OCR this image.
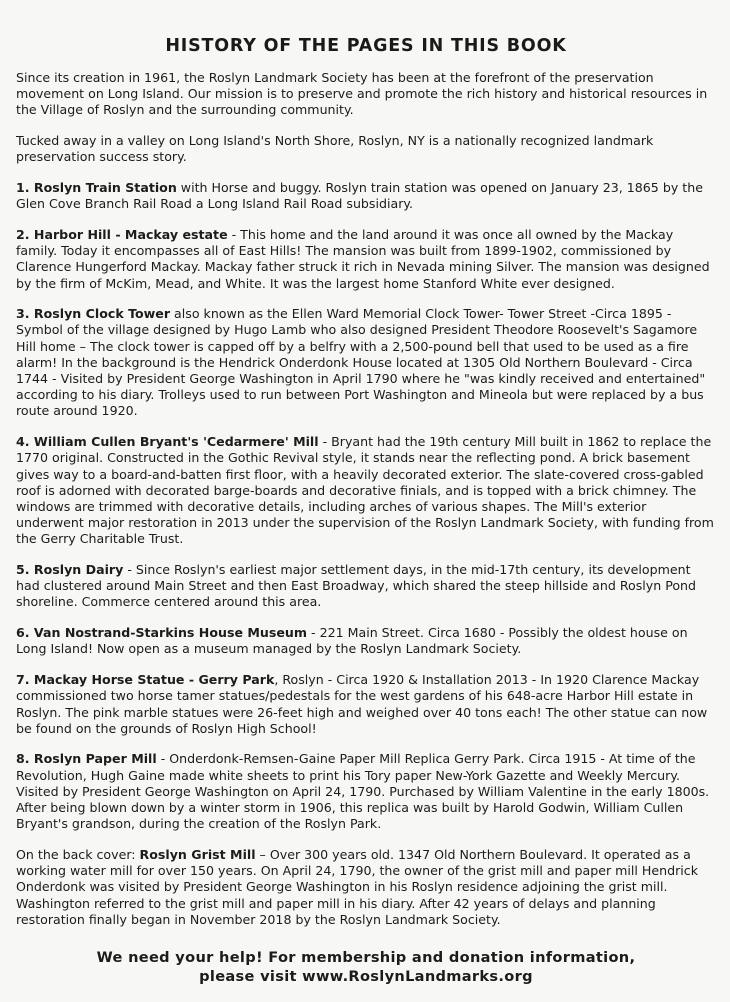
HISTORY OF THE PAGES IN THIS BOOK

Since its creation in 1961, the Roslyn Landmark Society has been at the forefront of the preservation movement on Long Island. Our mission is to preserve and promote the rich history and historical resources in the Village of Roslyn and the surrounding community.

Tucked away in a valley on Long Island's North Shore, Roslyn, NY is a nationally recognized landmark preservation success story.

1. Roslyn Train Station with Horse and buggy. Roslyn train station was opened on January 23, 1865 by the Glen Cove Branch Rail Road a Long Island Rail Road subsidiary.

2. Harbor Hill - Mackay estate - This home and the land around it was once all owned by the Mackay family. Today it encompasses all of East Hills! The mansion was built from 1899-1902, commissioned by Clarence Hungerford Mackay. Mackay father struck it rich in Nevada mining Silver. The mansion was designed by the firm of McKim, Mead, and White. It was the largest home Stanford White ever designed.

3. Roslyn Clock Tower also known as the Ellen Ward Memorial Clock Tower- Tower Street -Circa 1895 - Symbol of the village designed by Hugo Lamb who also designed President Theodore Roosevelt's Sagamore Hill home – The clock tower is capped off by a belfry with a 2,500-pound bell that used to be used as a fire alarm! In the background is the Hendrick Onderdonk House located at 1305 Old Northern Boulevard - Circa 1744 - Visited by President George Washington in April 1790 where he "was kindly received and entertained" according to his diary. Trolleys used to run between Port Washington and Mineola but were replaced by a bus route around 1920.

4. William Cullen Bryant's 'Cedarmere' Mill - Bryant had the 19th century Mill built in 1862 to replace the 1770 original. Constructed in the Gothic Revival style, it stands near the reflecting pond. A brick basement gives way to a board-and-batten first floor, with a heavily decorated exterior. The slate-covered cross-gabled roof is adorned with decorated barge-boards and decorative finials, and is topped with a brick chimney. The windows are trimmed with decorative details, including arches of various shapes. The Mill's exterior underwent major restoration in 2013 under the supervision of the Roslyn Landmark Society, with funding from the Gerry Charitable Trust.

5. Roslyn Dairy - Since Roslyn's earliest major settlement days, in the mid-17th century, its development had clustered around Main Street and then East Broadway, which shared the steep hillside and Roslyn Pond shoreline. Commerce centered around this area.

6. Van Nostrand-Starkins House Museum - 221 Main Street. Circa 1680 - Possibly the oldest house on Long Island! Now open as a museum managed by the Roslyn Landmark Society.

7. Mackay Horse Statue - Gerry Park, Roslyn - Circa 1920 & Installation 2013 - In 1920 Clarence Mackay commissioned two horse tamer statues/pedestals for the west gardens of his 648-acre Harbor Hill estate in Roslyn. The pink marble statues were 26-feet high and weighed over 40 tons each! The other statue can now be found on the grounds of Roslyn High School!

8. Roslyn Paper Mill - Onderdonk-Remsen-Gaine Paper Mill Replica Gerry Park. Circa 1915 - At time of the Revolution, Hugh Gaine made white sheets to print his Tory paper New-York Gazette and Weekly Mercury. Visited by President George Washington on April 24, 1790. Purchased by William Valentine in the early 1800s. After being blown down by a winter storm in 1906, this replica was built by Harold Godwin, William Cullen Bryant's grandson, during the creation of the Roslyn Park.

On the back cover: Roslyn Grist Mill – Over 300 years old. 1347 Old Northern Boulevard. It operated as a working water mill for over 150 years. On April 24, 1790, the owner of the grist mill and paper mill Hendrick Onderdonk was visited by President George Washington in his Roslyn residence adjoining the grist mill. Washington referred to the grist mill and paper mill in his diary. After 42 years of delays and planning restoration finally began in November 2018 by the Roslyn Landmark Society.

We need your help! For membership and donation information,
please visit www.RoslynLandmarks.org
